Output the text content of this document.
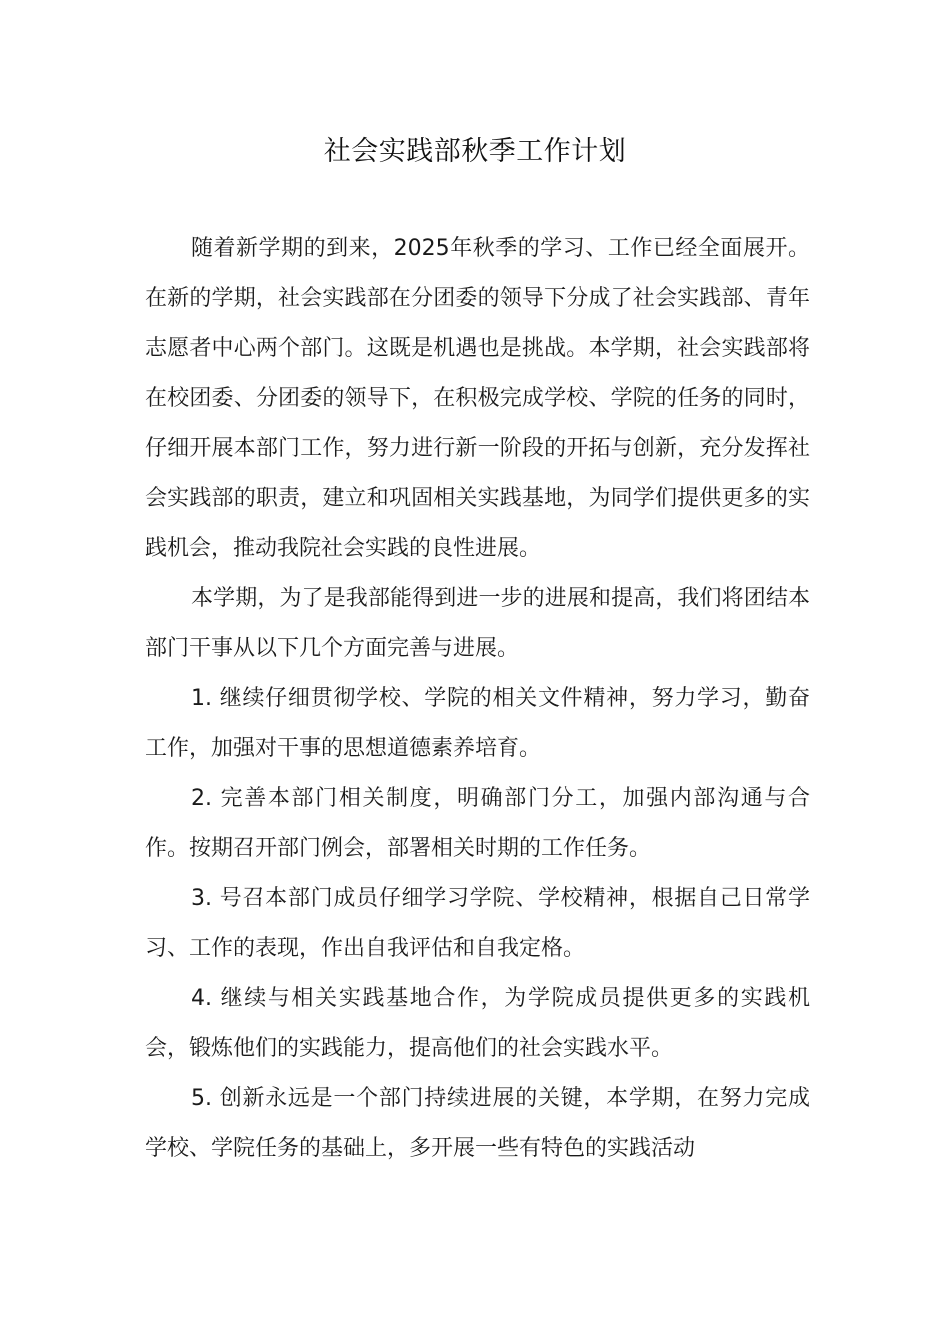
社会实践部秋季工作计划

随着新学期的到来，2025年秋季的学习、工作已经全面展开。在新的学期，社会实践部在分团委的领导下分成了社会实践部、青年志愿者中心两个部门。这既是机遇也是挑战。本学期，社会实践部将在校团委、分团委的领导下，在积极完成学校、学院的任务的同时，仔细开展本部门工作，努力进行新一阶段的开拓与创新，充分发挥社会实践部的职责，建立和巩固相关实践基地，为同学们提供更多的实践机会，推动我院社会实践的良性进展。

本学期，为了是我部能得到进一步的进展和提高，我们将团结本部门干事从以下几个方面完善与进展。

1. 继续仔细贯彻学校、学院的相关文件精神，努力学习，勤奋工作，加强对干事的思想道德素养培育。

2. 完善本部门相关制度，明确部门分工，加强内部沟通与合作。按期召开部门例会，部署相关时期的工作任务。

3. 号召本部门成员仔细学习学院、学校精神，根据自己日常学习、工作的表现，作出自我评估和自我定格。

4. 继续与相关实践基地合作，为学院成员提供更多的实践机会，锻炼他们的实践能力，提高他们的社会实践水平。

5. 创新永远是一个部门持续进展的关键，本学期，在努力完成学校、学院任务的基础上，多开展一些有特色的实践活动
